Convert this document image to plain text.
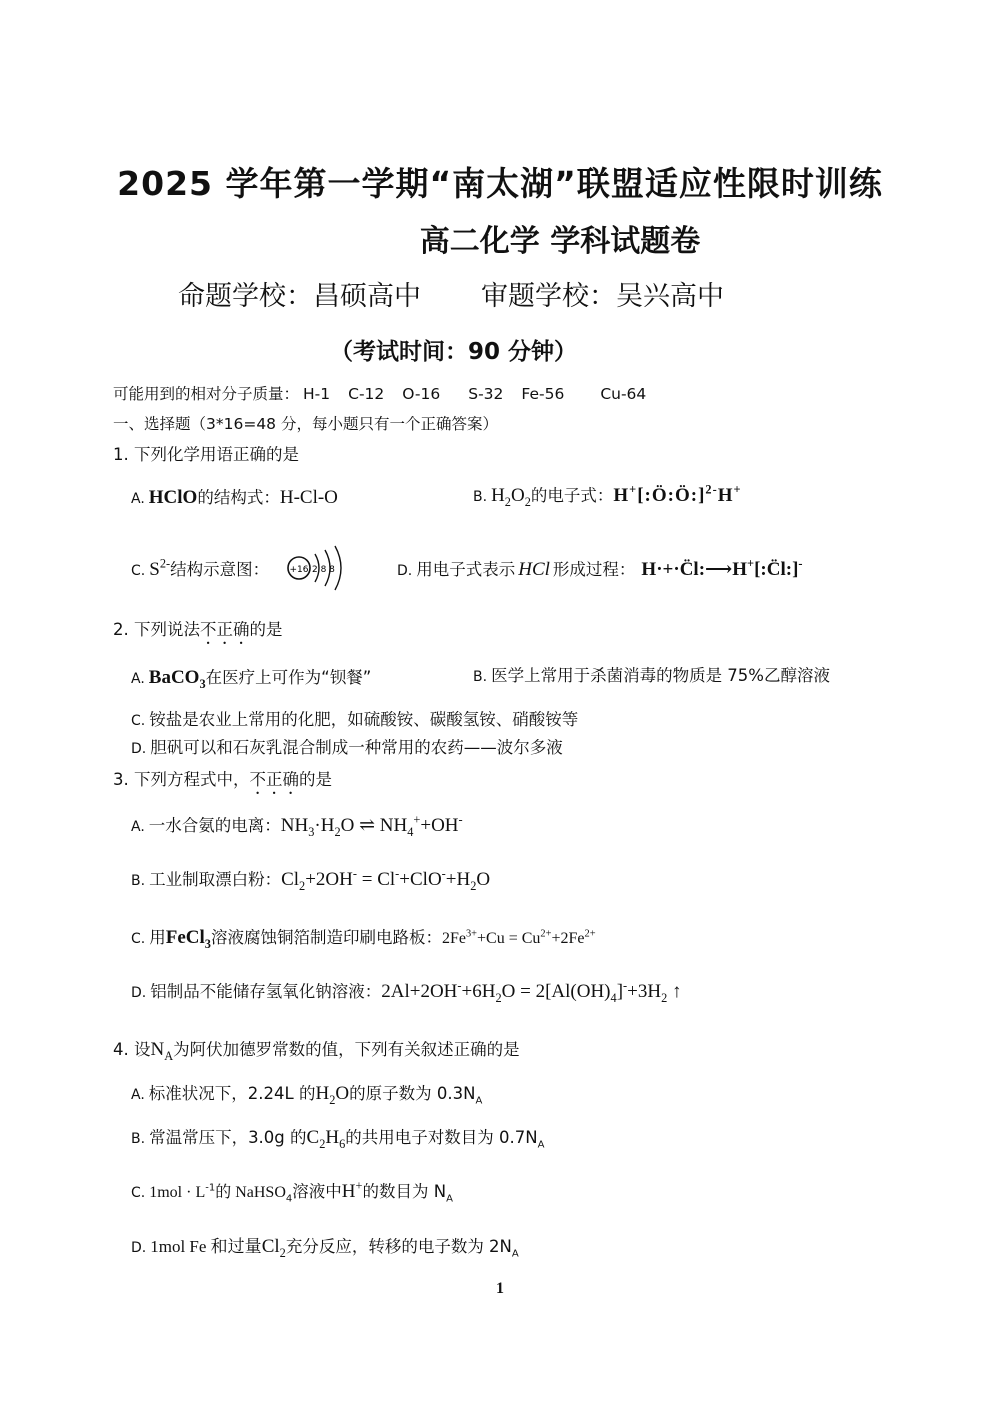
2025 学年第一学期“南太湖”联盟适应性限时训练
高二化学 学科试题卷
命题学校：昌硕高中 审题学校：吴兴高中
（考试时间：90 分钟）
可能用到的相对分子质量： H-1 C-12 O-16 S-32 Fe-56 Cu-64
一、选择题（3*16=48 分，每小题只有一个正确答案）
1. 下列化学用语正确的是
A. HClO的结构式：H-Cl-O	B. $H_2O_2$的电子式：H+[:Ö:Ö:]$^{2-}$H+
C. $S^{2-}$结构示意图： +16 2 8 8	D. 用电子式表示 HCl 形成过程： H·+·C̈l:⟶H+[:C̈l:]-
2. 下列说法不正确的是
A. BaCO$_3$在医疗上可作为“钡餐”	B. 医学上常用于杀菌消毒的物质是 75%乙醇溶液
C. 铵盐是农业上常用的化肥，如硫酸铵、碳酸氢铵、硝酸铵等
D. 胆矾可以和石灰乳混合制成一种常用的农药——波尔多液
3. 下列方程式中，不正确的是
A. 一水合氨的电离：$NH_3\cdot H_2O$ ⇌ $NH_4^++OH^-$
B. 工业制取漂白粉：$Cl_2+2OH^- = Cl^-+ClO^-+H_2O$
C. 用FeCl$_3$溶液腐蚀铜箔制造印刷电路板：$2Fe^{3+}+Cu = Cu^{2+}+2Fe^{2+}$
D. 铝制品不能储存氢氧化钠溶液：$2Al+2OH^-+6H_2O = 2[Al(OH)_4]^-+3H_2$ ↑
4. 设$N_A$为阿伏加德罗常数的值，下列有关叙述正确的是
A. 标准状况下，2.24L 的$H_2O$的原子数为 $0.3N_A$
B. 常温常压下，3.0g 的$C_2H_6$的共用电子对数目为 $0.7N_A$
C. $1mol \cdot L^{-1}$的 NaHSO$_4$溶液中H+的数目为 $N_A$
D. 1mol Fe 和过量$Cl_2$充分反应，转移的电子数为 $2N_A$
1
